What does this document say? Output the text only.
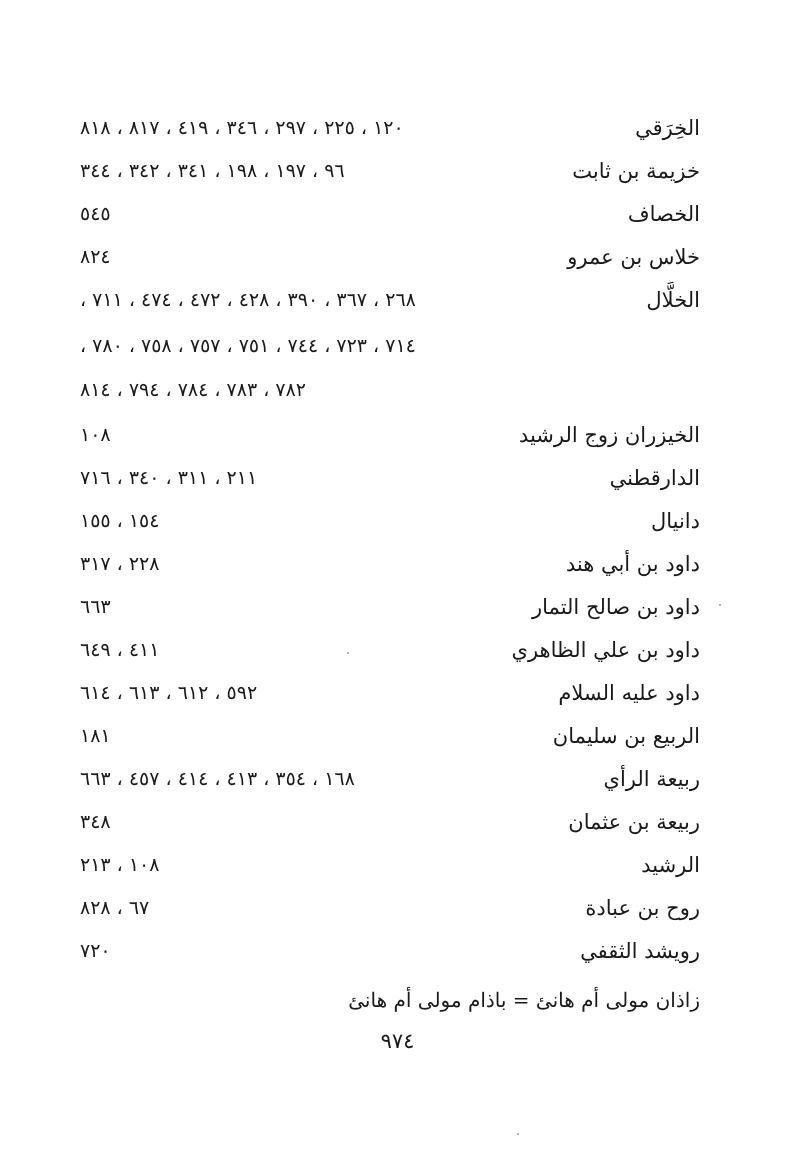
الخِرَقي
١٢٠ ، ٢٢٥ ، ٢٩٧ ، ٣٤٦ ، ٤١٩ ، ٨١٧ ، ٨١٨
خزيمة بن ثابت
٩٦ ، ١٩٧ ، ١٩٨ ، ٣٤١ ، ٣٤٢ ، ٣٤٤
الخصاف
٥٤٥
خلاس بن عمرو
٨٢٤
الخلَّال
٢٦٨ ، ٣٦٧ ، ٣٩٠ ، ٤٢٨ ، ٤٧٢ ، ٤٧٤ ، ٧١١ ،
٧١٤ ، ٧٢٣ ، ٧٤٤ ، ٧٥١ ، ٧٥٧ ، ٧٥٨ ، ٧٨٠ ،
٧٨٢ ، ٧٨٣ ، ٧٨٤ ، ٧٩٤ ، ٨١٤
الخيزران زوج الرشيد
١٠٨
الدارقطني
٢١١ ، ٣١١ ، ٣٤٠ ، ٧١٦
دانيال
١٥٤ ، ١٥٥
داود بن أبي هند
٢٢٨ ، ٣١٧
داود بن صالح التمار
٦٦٣
داود بن علي الظاهري
٤١١ ، ٦٤٩
داود عليه السلام
٥٩٢ ، ٦١٢ ، ٦١٣ ، ٦١٤
الربيع بن سليمان
١٨١
ربيعة الرأي
١٦٨ ، ٣٥٤ ، ٤١٣ ، ٤١٤ ، ٤٥٧ ، ٦٦٣
ربيعة بن عثمان
٣٤٨
الرشيد
١٠٨ ، ٢١٣
روح بن عبادة
٦٧ ، ٨٢٨
رويشد الثقفي
٧٢٠
زاذان مولى أم هانئ = باذام مولى أم هانئ
٩٧٤
